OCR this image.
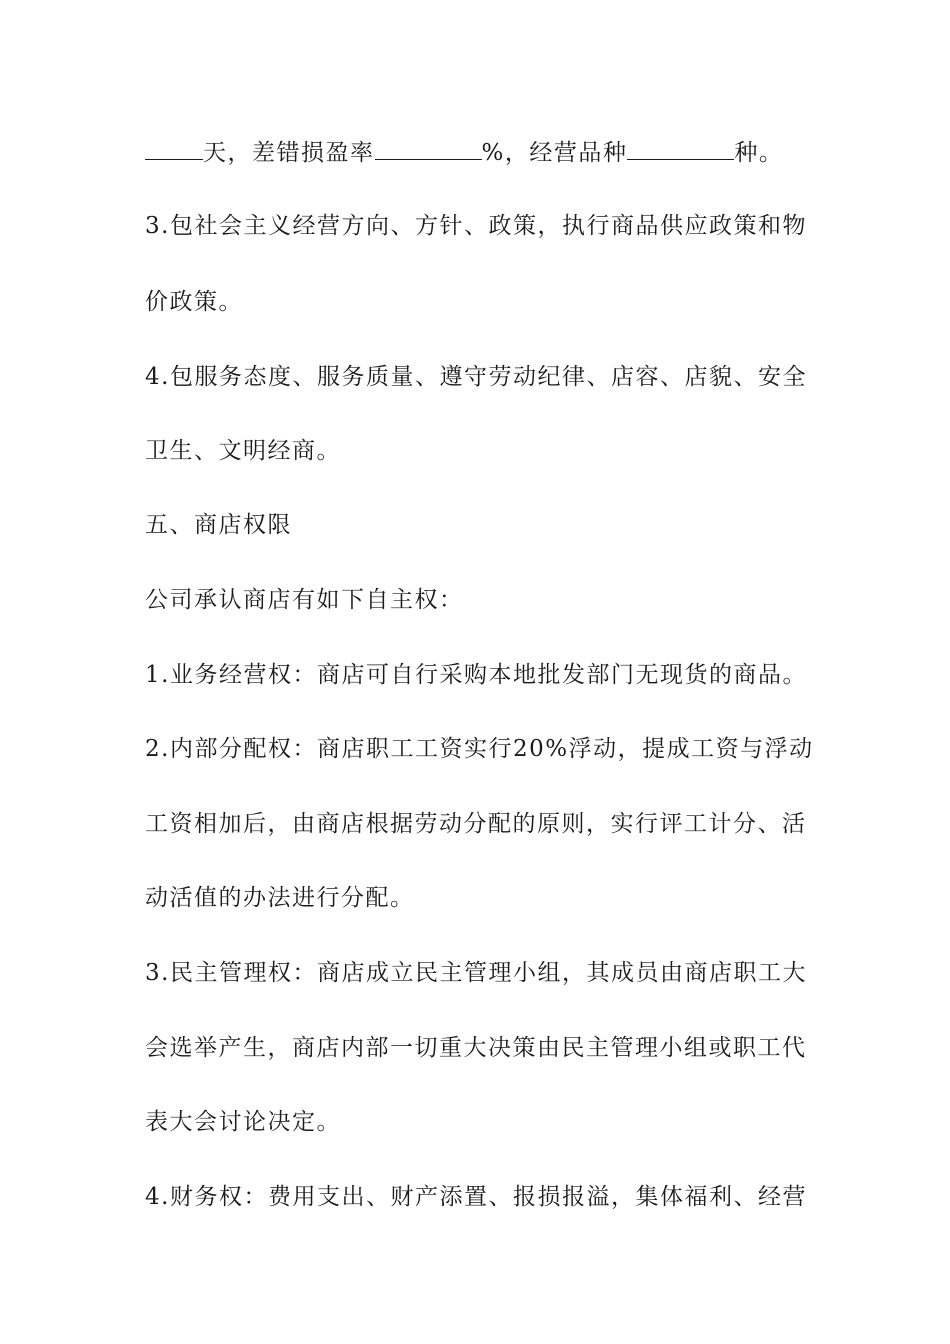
天，差错损盈率	%，经营品种	种。
3.包社会主义经营方向、方针、政策，执行商品供应政策和物
价政策。
4.包服务态度、服务质量、遵守劳动纪律、店容、店貌、安全
卫生、文明经商。
五、商店权限
公司承认商店有如下自主权：
1.业务经营权：商店可自行采购本地批发部门无现货的商品。
2.内部分配权：商店职工工资实行20%浮动，提成工资与浮动
工资相加后，由商店根据劳动分配的原则，实行评工计分、活
动活值的办法进行分配。
3.民主管理权：商店成立民主管理小组，其成员由商店职工大
会选举产生，商店内部一切重大决策由民主管理小组或职工代
表大会讨论决定。
4.财务权：费用支出、财产添置、报损报溢，集体福利、经营
